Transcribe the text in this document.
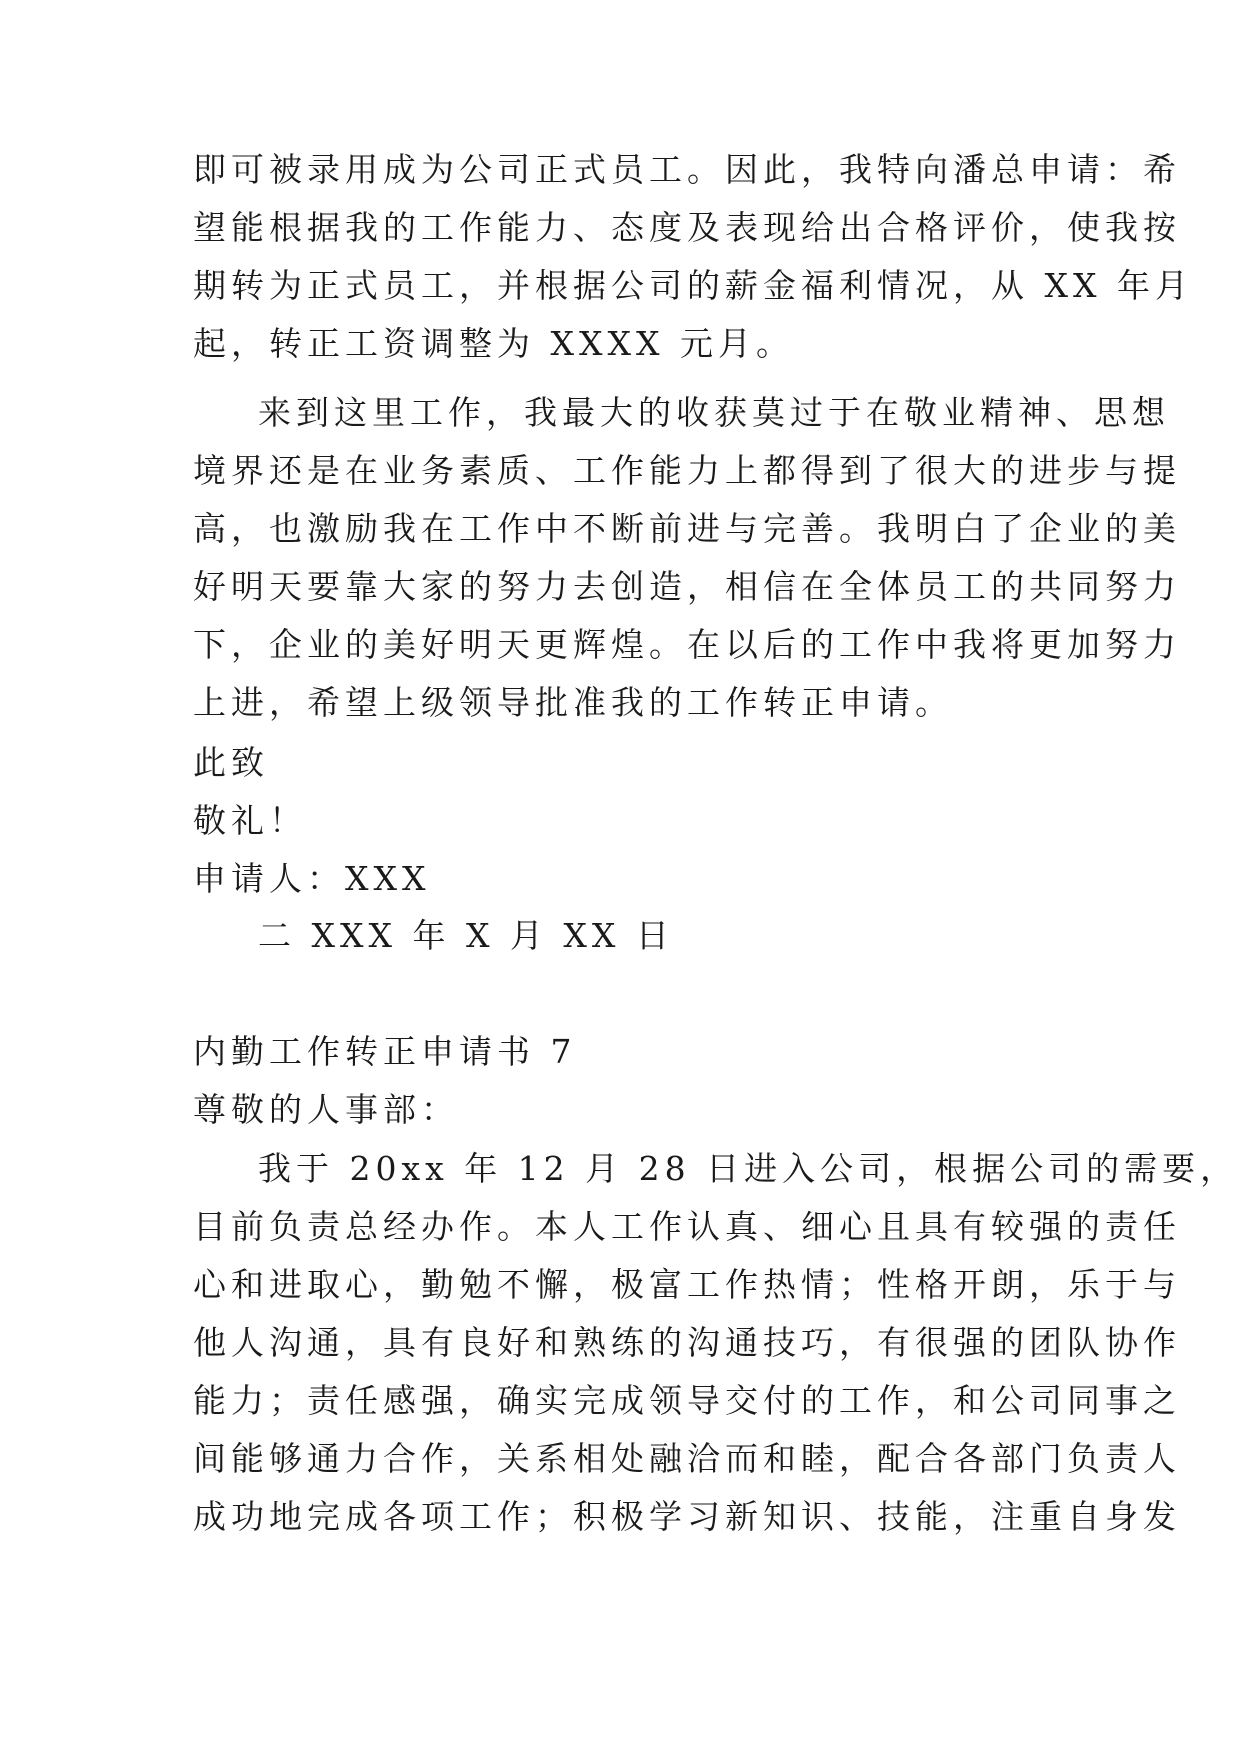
即可被录用成为公司正式员工。因此，我特向潘总申请：希
望能根据我的工作能力、态度及表现给出合格评价，使我按
期转为正式员工，并根据公司的薪金福利情况，从 XX 年月
起，转正工资调整为 XXXX 元月。
来到这里工作，我最大的收获莫过于在敬业精神、思想
境界还是在业务素质、工作能力上都得到了很大的进步与提
高，也激励我在工作中不断前进与完善。我明白了企业的美
好明天要靠大家的努力去创造，相信在全体员工的共同努力
下，企业的美好明天更辉煌。在以后的工作中我将更加努力
上进，希望上级领导批准我的工作转正申请。
此致
敬礼！
申请人：XXX
二 XXX 年 X 月 XX 日
内勤工作转正申请书 7
尊敬的人事部：
我于 20xx 年 12 月 28 日进入公司，根据公司的需要，
目前负责总经办作。本人工作认真、细心且具有较强的责任
心和进取心，勤勉不懈，极富工作热情；性格开朗，乐于与
他人沟通，具有良好和熟练的沟通技巧，有很强的团队协作
能力；责任感强，确实完成领导交付的工作，和公司同事之
间能够通力合作，关系相处融洽而和睦，配合各部门负责人
成功地完成各项工作；积极学习新知识、技能，注重自身发
